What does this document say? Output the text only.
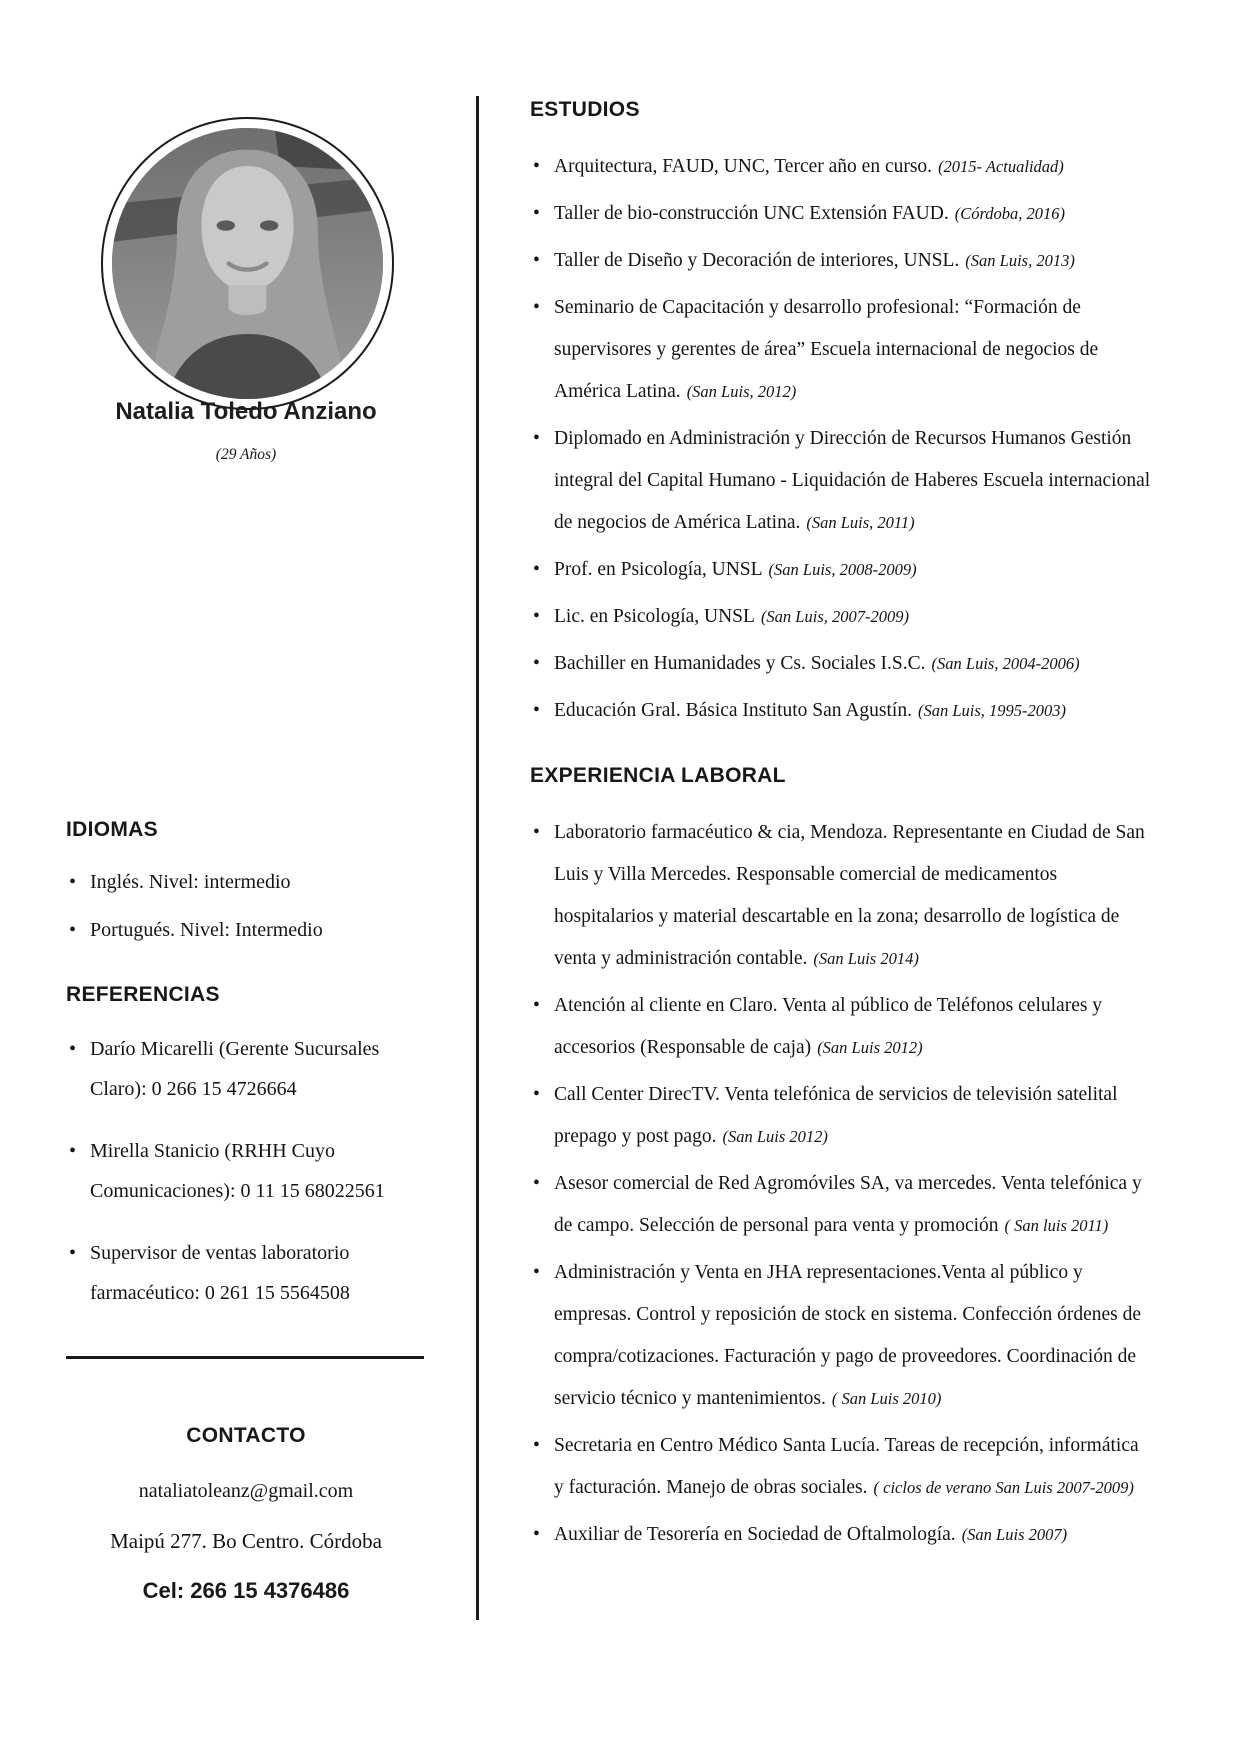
Natalia Toledo Anziano
(29 Años)
IDIOMAS
• Inglés. Nivel: intermedio
• Portugués. Nivel: Intermedio
REFERENCIAS
• Darío Micarelli (Gerente Sucursales Claro): 0 266 15 4726664
• Mirella Stanicio (RRHH Cuyo Comunicaciones): 0 11 15 68022561
• Supervisor de ventas laboratorio farmacéutico: 0 261 15 5564508
CONTACTO
nataliatoleanz@gmail.com
Maipú 277. Bo Centro. Córdoba
Cel: 266 15 4376486
ESTUDIOS
• Arquitectura, FAUD, UNC, Tercer año en curso. (2015- Actualidad)
• Taller de bio-construcción UNC Extensión FAUD. (Córdoba, 2016)
• Taller de Diseño y Decoración de interiores, UNSL. (San Luis, 2013)
• Seminario de Capacitación y desarrollo profesional: “Formación de supervisores y gerentes de área” Escuela internacional de negocios de América Latina. (San Luis, 2012)
• Diplomado en Administración y Dirección de Recursos Humanos Gestión integral del Capital Humano - Liquidación de Haberes Escuela internacional de negocios de América Latina. (San Luis, 2011)
• Prof. en Psicología, UNSL (San Luis, 2008-2009)
• Lic. en Psicología, UNSL (San Luis, 2007-2009)
• Bachiller en Humanidades y Cs. Sociales I.S.C. (San Luis, 2004-2006)
• Educación Gral. Básica Instituto San Agustín. (San Luis, 1995-2003)
EXPERIENCIA LABORAL
• Laboratorio farmacéutico & cia, Mendoza. Representante en Ciudad de San Luis y Villa Mercedes. Responsable comercial de medicamentos hospitalarios y material descartable en la zona; desarrollo de logística de venta y administración contable. (San Luis 2014)
• Atención al cliente en Claro. Venta al público de Teléfonos celulares y accesorios (Responsable de caja) (San Luis 2012)
• Call Center DirecTV. Venta telefónica de servicios de televisión satelital prepago y post pago. (San Luis 2012)
• Asesor comercial de Red Agromóviles SA, va mercedes. Venta telefónica y de campo. Selección de personal para venta y promoción ( San luis 2011)
• Administración y Venta en JHA representaciones.Venta al público y empresas. Control y reposición de stock en sistema. Confección órdenes de compra/cotizaciones. Facturación y pago de proveedores. Coordinación de servicio técnico y mantenimientos. ( San Luis 2010)
• Secretaria en Centro Médico Santa Lucía. Tareas de recepción, informática y facturación. Manejo de obras sociales. ( ciclos de verano San Luis 2007-2009)
• Auxiliar de Tesorería en Sociedad de Oftalmología. (San Luis 2007)
